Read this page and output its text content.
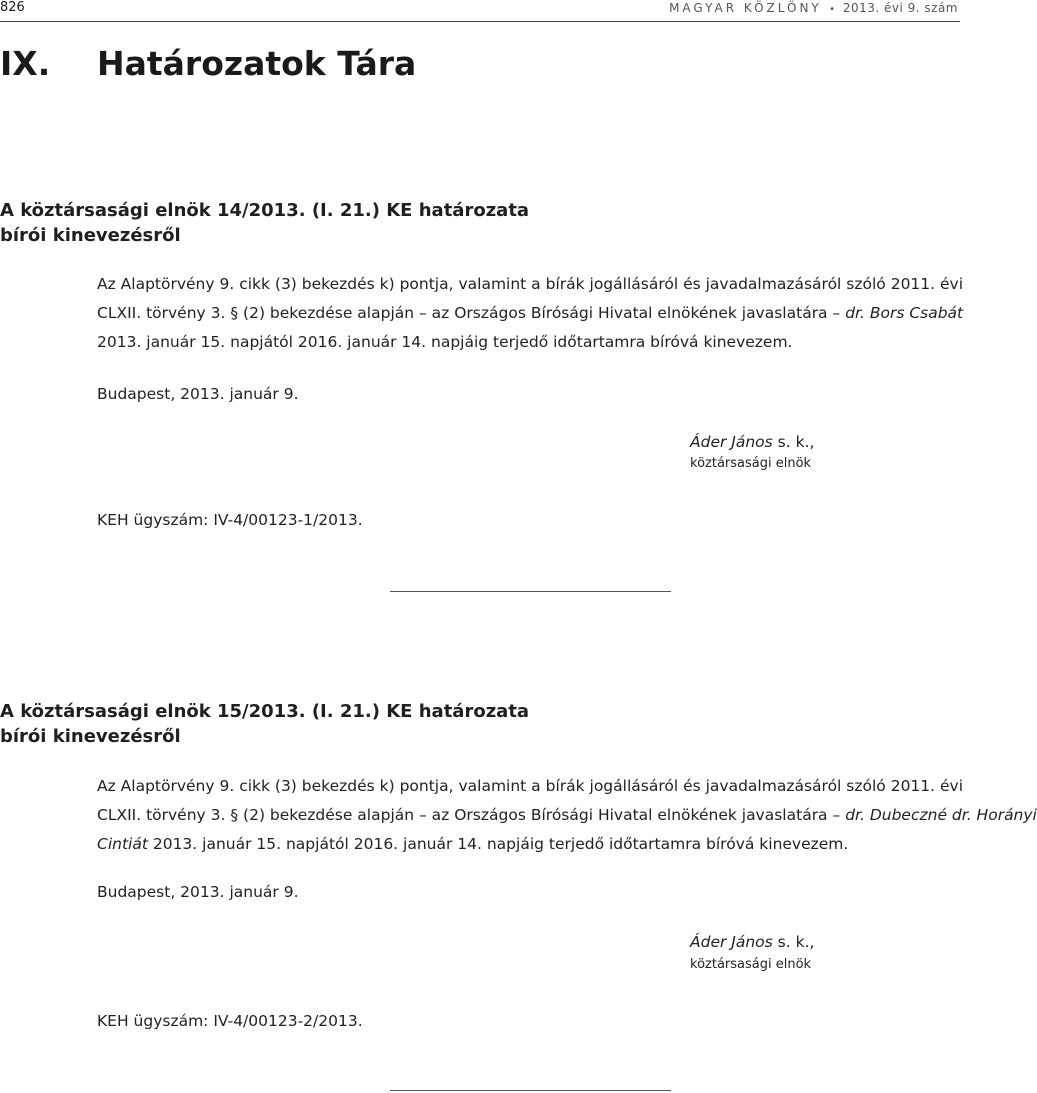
826	MAGYAR KÖZLÖNY • 2013. évi 9. szám
IX. Határozatok Tára
A köztársasági elnök 14/2013. (I. 21.) KE határozata
bírói kinevezésről
Az Alaptörvény 9. cikk (3) bekezdés k) pontja, valamint a bírák jogállásáról és javadalmazásáról szóló 2011. évi
CLXII. törvény 3. § (2) bekezdése alapján – az Országos Bírósági Hivatal elnökének javaslatára – dr. Bors Csabát
2013. január 15. napjától 2016. január 14. napjáig terjedő időtartamra bíróvá kinevezem.
Budapest, 2013. január 9.
Áder János s. k.,
köztársasági elnök
KEH ügyszám: IV-4/00123-1/2013.
A köztársasági elnök 15/2013. (I. 21.) KE határozata
bírói kinevezésről
Az Alaptörvény 9. cikk (3) bekezdés k) pontja, valamint a bírák jogállásáról és javadalmazásáról szóló 2011. évi
CLXII. törvény 3. § (2) bekezdése alapján – az Országos Bírósági Hivatal elnökének javaslatára – dr. Dubeczné dr. Horányi
Cintiát 2013. január 15. napjától 2016. január 14. napjáig terjedő időtartamra bíróvá kinevezem.
Budapest, 2013. január 9.
Áder János s. k.,
köztársasági elnök
KEH ügyszám: IV-4/00123-2/2013.
